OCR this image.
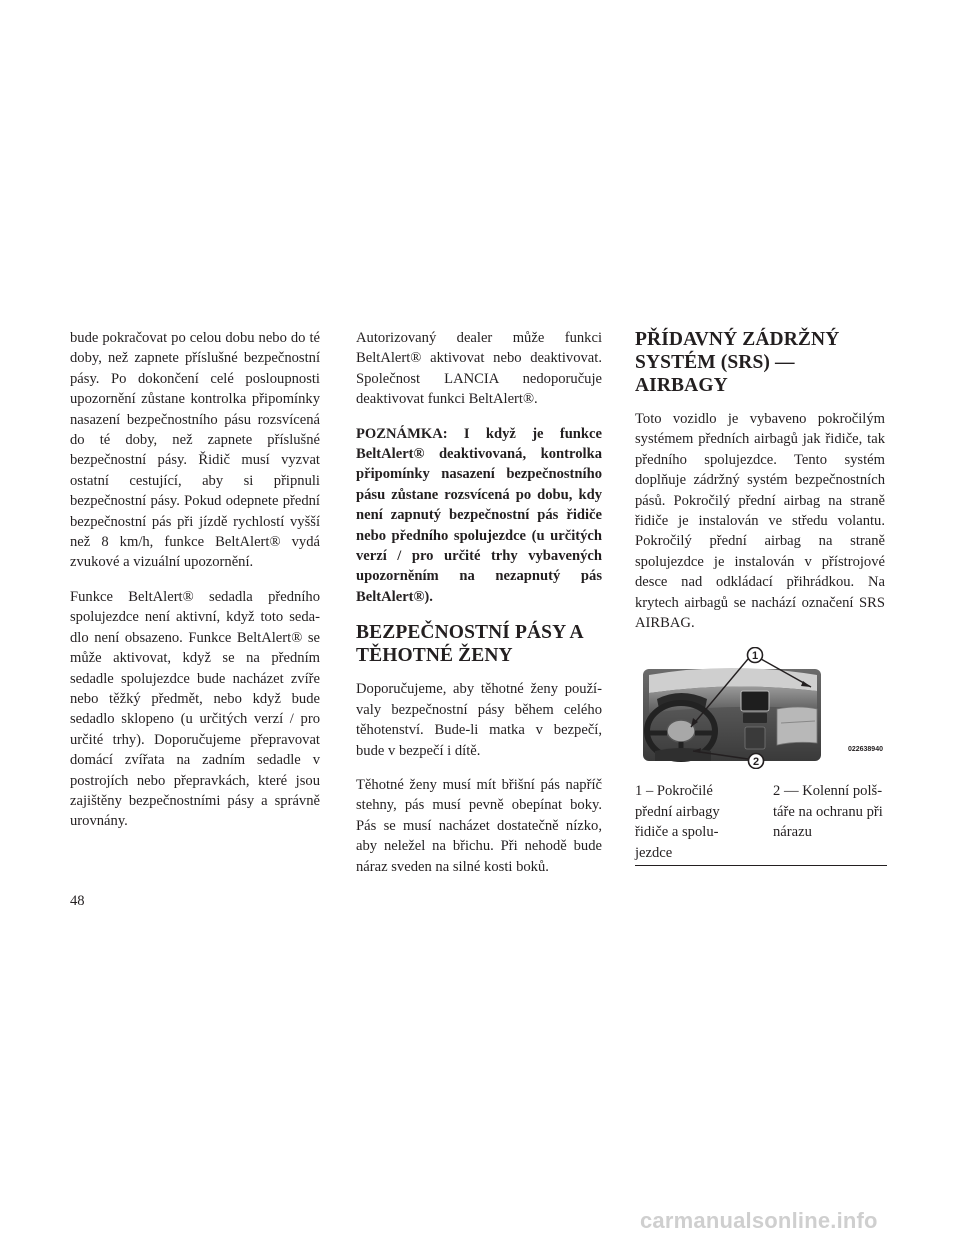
bude pokračovat po celou dobu nebo do té doby, než zapnete příslušné bezpečnostní pásy. Po dokončení celé posloupnosti upozornění zůstane kontrolka připomínky nasazení bezpečnostního pásu rozsvícená do té doby, než zapnete příslušné bezpečnostní pásy. Řidič musí vyzvat ostatní cestující, aby si připnuli bezpečnostní pásy. Pokud odepnete přední bezpečnostní pás při jízdě rychlostí vyšší než 8 km/h, funkce BeltAlert® vydá zvukové a vizuální upozornění.

Funkce BeltAlert® sedadla předního spolujezdce není aktivní, když toto sedadlo není obsazeno. Funkce BeltAlert® se může aktivovat, když se na předním sedadle spolujezdce bude nacházet zvíře nebo těžký předmět, nebo když bude sedadlo sklopeno (u určitých verzí / pro určité trhy). Doporučujeme přepravovat domácí zvířata na zadním sedadle v postrojích nebo přepravkách, které jsou zajištěny bezpečnostními pásy a správně urovnány.

Autorizovaný dealer může funkci BeltAlert® aktivovat nebo deaktivovat. Společnost LANCIA nedoporučuje deaktivovat funkci BeltAlert®.

POZNÁMKA: I když je funkce BeltAlert® deaktivovaná, kontrolka připomínky nasazení bezpečnostního pásu zůstane rozsvícená po dobu, kdy není zapnutý bezpečnostní pás řidiče nebo předního spolujezdce (u určitých verzí / pro určité trhy vybavených upozorněním na nezapnutý pás BeltAlert®).

BEZPEČNOSTNÍ PÁSY A
TĚHOTNÉ ŽENY

Doporučujeme, aby těhotné ženy používaly bezpečnostní pásy během celého těhotenství. Bude-li matka v bezpečí, bude v bezpečí i dítě.

Těhotné ženy musí mít břišní pás napříč stehny, pás musí pevně obepínat boky. Pás se musí nacházet dostatečně nízko, aby neležel na břichu. Při nehodě bude náraz sveden na silné kosti boků.

PŘÍDAVNÝ ZÁDRŽNÝ
SYSTÉM (SRS) — AIRBAGY

Toto vozidlo je vybaveno pokročilým systémem předních airbagů jak řidiče, tak předního spolujezdce. Tento systém doplňuje zádržný systém bezpečnostních pásů. Pokročilý přední airbag na straně řidiče je instalován ve středu volantu. Pokročilý přední airbag na straně spolujezdce je instalován v přístrojové desce nad odkládací přihrádkou. Na krytech airbagů se nachází označení SRS AIRBAG.

1
2
022638940
1 – Pokročilé přední airbagy řidiče a spolujezdce
2 — Kolenní polštáře na ochranu při nárazu
48
carmanualsonline.info
